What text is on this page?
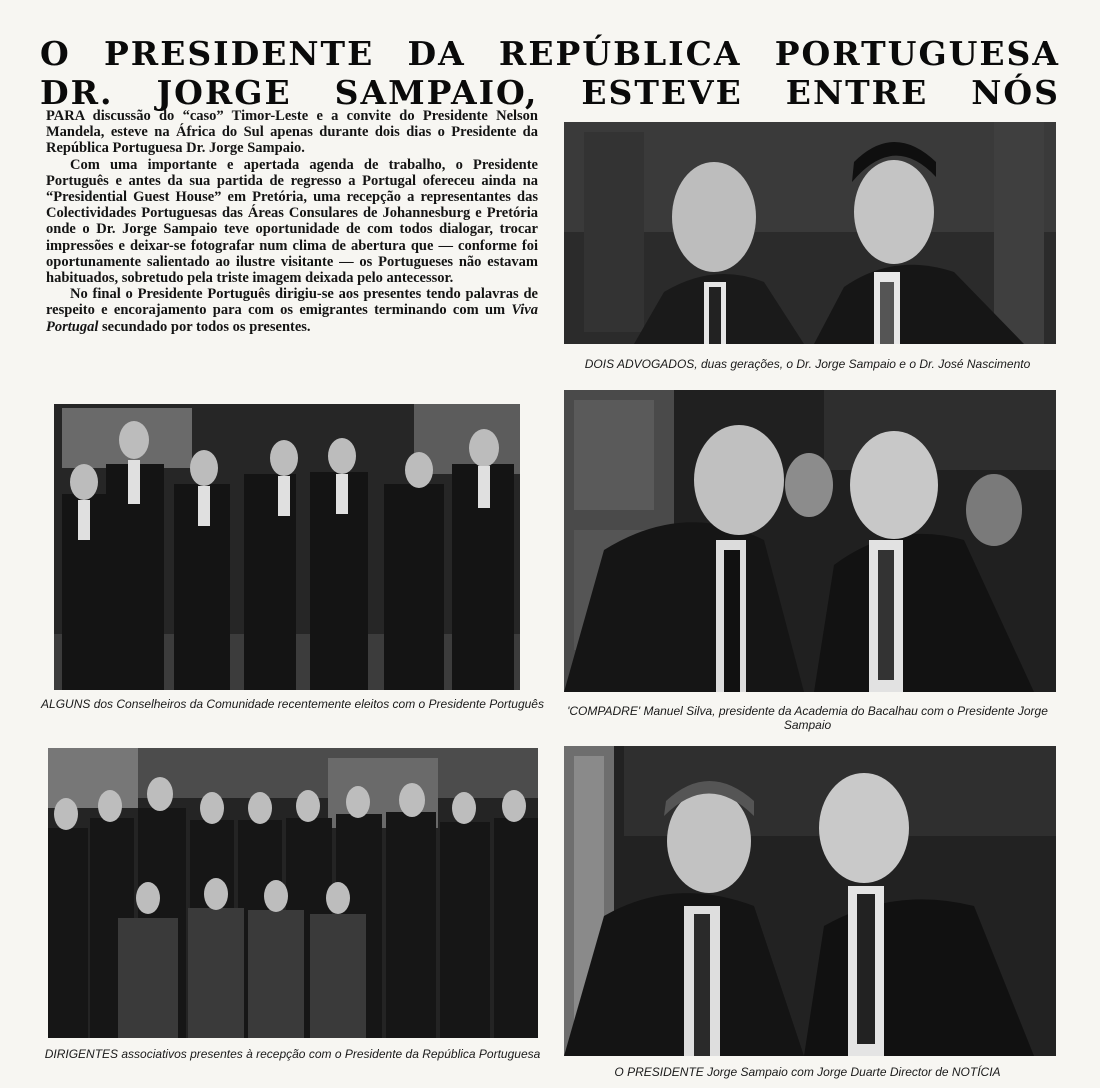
O PRESIDENTE DA REPÚBLICA PORTUGUESA
DR. JORGE SAMPAIO, ESTEVE ENTRE NÓS

PARA discussão do “caso” Timor-Leste e a convite do Presidente Nelson Mandela, esteve na África do Sul apenas durante dois dias o Presidente da República Portuguesa Dr. Jorge Sampaio.

Com uma importante e apertada agenda de trabalho, o Presidente Português e antes da sua partida de regresso a Portugal ofereceu ainda na “Presidential Guest House” em Pretória, uma recepção a representantes das Colectividades Portuguesas das Áreas Consulares de Johannesburg e Pretória onde o Dr. Jorge Sampaio teve oportunidade de com todos dialogar, trocar impressões e deixar-se fotografar num clima de abertura que — conforme foi oportunamente salientado ao ilustre visitante — os Portugueses não estavam habituados, sobretudo pela triste imagem deixada pelo antecessor.

No final o Presidente Português dirigiu-se aos presentes tendo palavras de respeito e encorajamento para com os emigrantes terminando com um Viva Portugal secundado por todos os presentes.

DOIS ADVOGADOS, duas gerações, o Dr. Jorge Sampaio e o Dr. José Nascimento
ALGUNS dos Conselheiros da Comunidade recentemente eleitos com o Presidente Português	'COMPADRE' Manuel Silva, presidente da Academia do Bacalhau com o Presidente Jorge Sampaio
DIRIGENTES associativos presentes à recepção com o Presidente da República Portuguesa
O PRESIDENTE Jorge Sampaio com Jorge Duarte Director de NOTÍCIA
